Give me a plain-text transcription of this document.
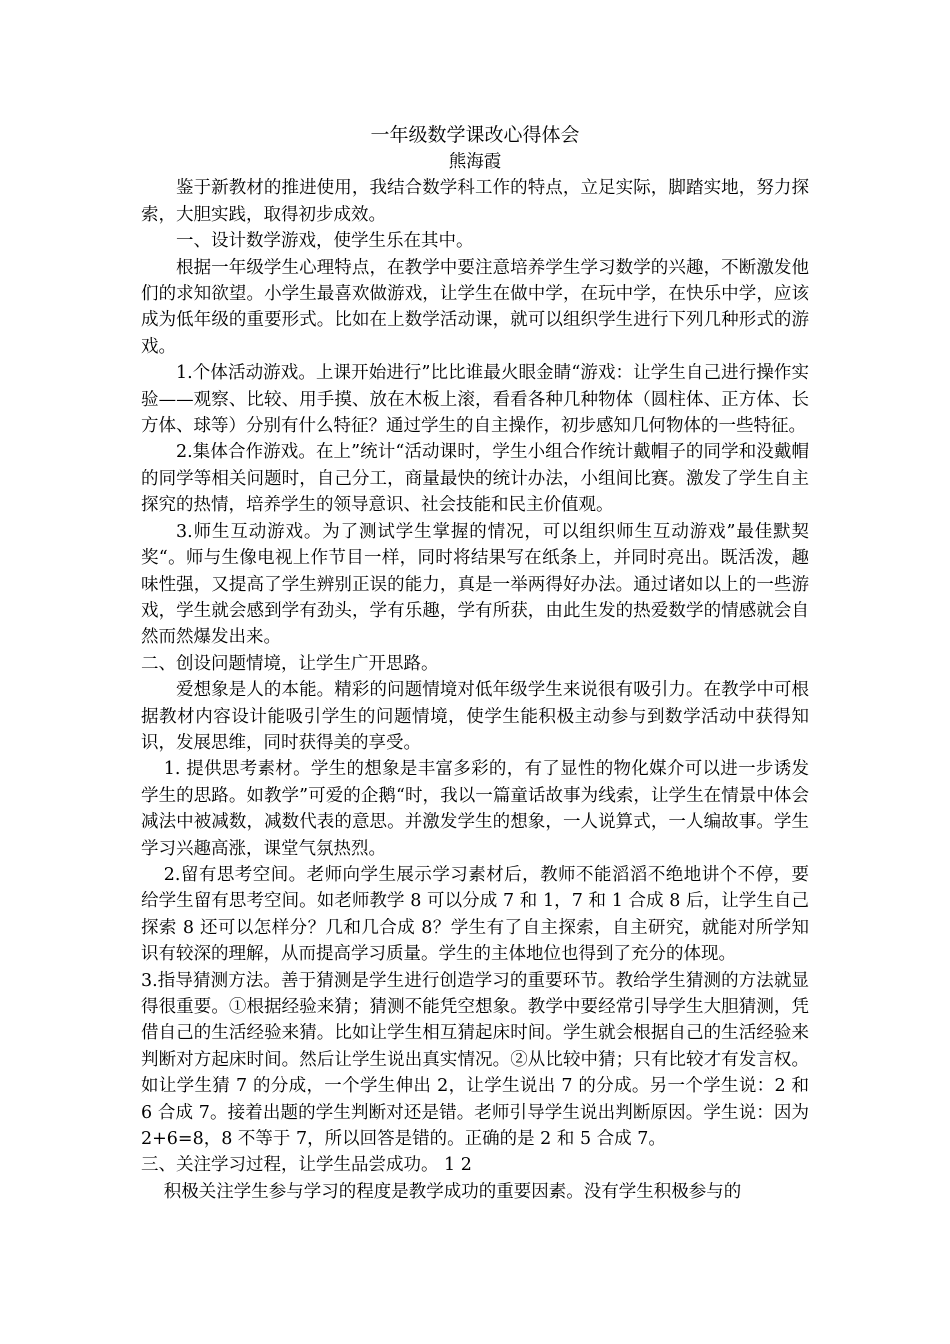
一年级数学课改心得体会

熊海霞

鉴于新教材的推进使用，我结合数学科工作的特点，立足实际，脚踏实地，努力探索，大胆实践，取得初步成效。

一、设计数学游戏，使学生乐在其中。

根据一年级学生心理特点，在教学中要注意培养学生学习数学的兴趣，不断激发他们的求知欲望。小学生最喜欢做游戏，让学生在做中学，在玩中学，在快乐中学，应该成为低年级的重要形式。比如在上数学活动课，就可以组织学生进行下列几种形式的游戏。

1.个体活动游戏。上课开始进行”比比谁最火眼金睛“游戏：让学生自己进行操作实验——观察、比较、用手摸、放在木板上滚，看看各种几种物体（圆柱体、正方体、长方体、球等）分别有什么特征？通过学生的自主操作，初步感知几何物体的一些特征。

2.集体合作游戏。在上”统计“活动课时，学生小组合作统计戴帽子的同学和没戴帽的同学等相关问题时，自己分工，商量最快的统计办法，小组间比赛。激发了学生自主探究的热情，培养学生的领导意识、社会技能和民主价值观。

3.师生互动游戏。为了测试学生掌握的情况，可以组织师生互动游戏”最佳默契奖“。师与生像电视上作节目一样，同时将结果写在纸条上，并同时亮出。既活泼，趣味性强，又提高了学生辨别正误的能力，真是一举两得好办法。通过诸如以上的一些游戏，学生就会感到学有劲头，学有乐趣，学有所获，由此生发的热爱数学的情感就会自然而然爆发出来。

二、创设问题情境，让学生广开思路。

爱想象是人的本能。精彩的问题情境对低年级学生来说很有吸引力。在教学中可根据教材内容设计能吸引学生的问题情境，使学生能积极主动参与到数学活动中获得知识，发展思维，同时获得美的享受。

1. 提供思考素材。学生的想象是丰富多彩的，有了显性的物化媒介可以进一步诱发学生的思路。如教学”可爱的企鹅“时，我以一篇童话故事为线索，让学生在情景中体会减法中被减数，减数代表的意思。并激发学生的想象，一人说算式，一人编故事。学生学习兴趣高涨，课堂气氛热烈。

2.留有思考空间。老师向学生展示学习素材后，教师不能滔滔不绝地讲个不停，要给学生留有思考空间。如老师教学 8 可以分成 7 和 1，7 和 1 合成 8 后，让学生自己探索 8 还可以怎样分？几和几合成 8？学生有了自主探索，自主研究，就能对所学知识有较深的理解，从而提高学习质量。学生的主体地位也得到了充分的体现。

3.指导猜测方法。善于猜测是学生进行创造学习的重要环节。教给学生猜测的方法就显得很重要。①根据经验来猜；猜测不能凭空想象。教学中要经常引导学生大胆猜测，凭借自己的生活经验来猜。比如让学生相互猜起床时间。学生就会根据自己的生活经验来判断对方起床时间。然后让学生说出真实情况。②从比较中猜；只有比较才有发言权。如让学生猜 7 的分成，一个学生伸出 2，让学生说出 7 的分成。另一个学生说：2 和 6 合成 7。接着出题的学生判断对还是错。老师引导学生说出判断原因。学生说：因为 2+6=8，8 不等于 7，所以回答是错的。正确的是 2 和 5 合成 7。

三、关注学习过程，让学生品尝成功。 1 2

积极关注学生参与学习的程度是教学成功的重要因素。没有学生积极参与的
